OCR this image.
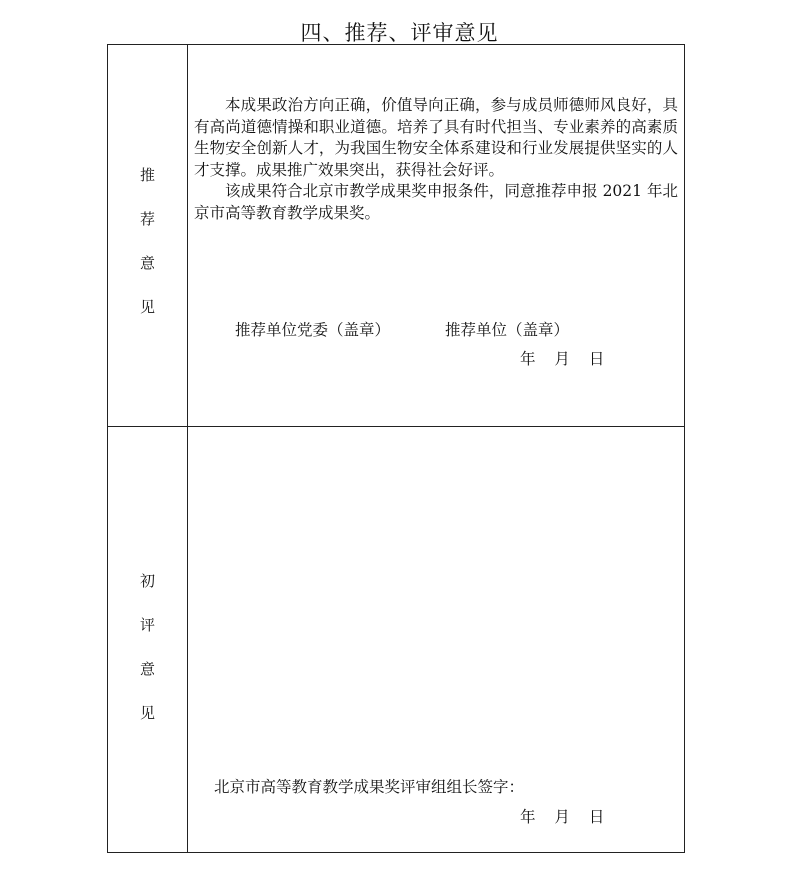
四、推荐、评审意见
推
荐
意
见

本成果政治方向正确，价值导向正确，参与成员师德师风良好，具有高尚道德情操和职业道德。培养了具有时代担当、专业素养的高素质生物安全创新人才，为我国生物安全体系建设和行业发展提供坚实的人才支撑。成果推广效果突出，获得社会好评。

该成果符合北京市教学成果奖申报条件，同意推荐申报 2021 年北京市高等教育教学成果奖。

推荐单位党委（盖章）	推荐单位（盖章）
年 月 日
初
评
意
见
北京市高等教育教学成果奖评审组组长签字：
年 月 日
